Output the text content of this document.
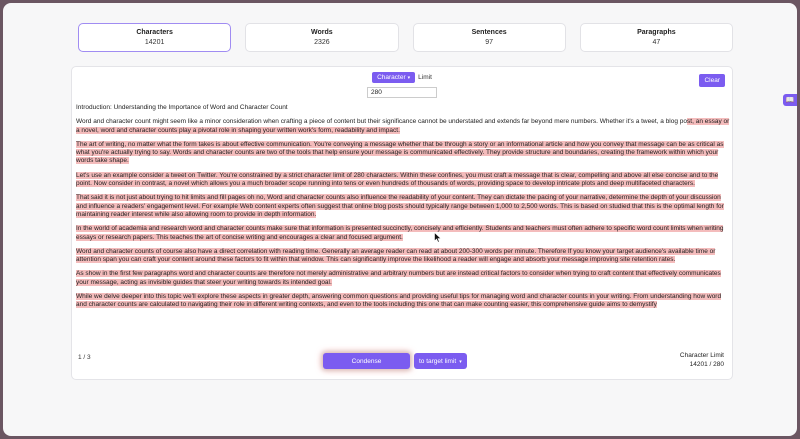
Characters
14201
Words
2326
Sentences
97
Paragraphs
47
Character ▾	Limit
280	Clear
Introduction: Understanding the Importance of Word and Character Count

Word and character count might seem like a minor consideration when crafting a piece of content but their significance cannot be understated and extends far beyond mere numbers. Whether it's a tweet, a blog post, an essay or a novel, word and character counts play a pivotal role in shaping your written work's form, readability and impact.

The art of writing, no matter what the form takes is about effective communication. You're conveying a message whether that be through a story or an informational article and how you convey that message can be as critical as what you're actually trying to say. Words and character counts are two of the tools that help ensure your message is communicated effectively. They provide structure and boundaries, creating the framework within which your words take shape.

Let's use an example consider a tweet on Twitter. You're constrained by a strict character limit of 280 characters. Within these confines, you must craft a message that is clear, compelling and above all else concise and to the point. Now consider in contrast, a novel which allows you a much broader scope running into tens or even hundreds of thousands of words, providing space to develop intricate plots and deep multifaceted characters.

That said it is not just about trying to hit limits and fill pages oh no, Word and character counts also influence the readability of your content. They can dictate the pacing of your narrative, determine the depth of your discussion and influence a readers' engagement level. For example Web content experts often suggest that online blog posts should typically range between 1,000 to 2,500 words. This is based on studied that this is the optimal length for maintaining reader interest while also allowing room to provide in depth information.

In the world of academia and research word and character counts make sure that information is presented succinctly, concisely and efficiently. Students and teachers must often adhere to specific word count limits when writing essays or research papers. This teaches the art of concise writing and encourages a clear and focused argument.

Word and character counts of course also have a direct correlation with reading time. Generally an average reader can read at about 200-300 words per minute. Therefore If you know your target audience's available time or attention span you can craft your content around these factors to fit within that window. This can significantly improve the likelihood a reader will engage and absorb your message improving site retention rates.

As show in the first few paragraphs word and character counts are therefore not merely administrative and arbitrary numbers but are instead critical factors to consider when trying to craft content that effectively communicates your message, acting as invisible guides that steer your writing towards its intended goal.

While we delve deeper into this topic we'll explore these aspects in greater depth, answering common questions and providing useful tips for managing word and character counts in your writing. From understanding how word and character counts are calculated to navigating their role in different writing contexts, and even to the tools including this one that can make counting easier, this comprehensive guide aims to demystify

1 / 3	Condense	to target limit ▾
Character Limit
14201 / 280
📖
